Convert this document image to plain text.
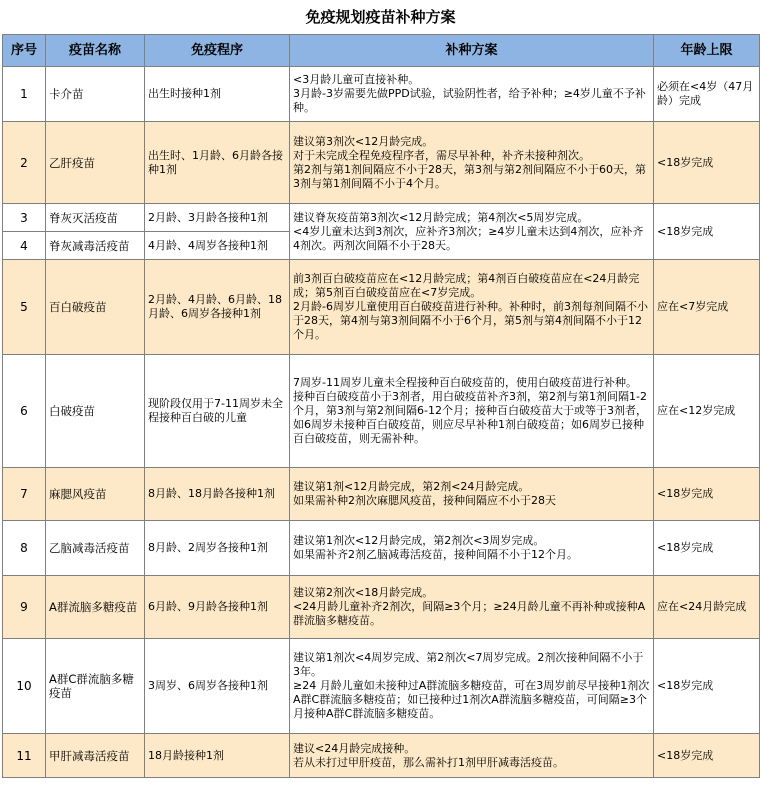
免疫规划疫苗补种方案
序号	疫苗名称	免疫程序	补种方案	年龄上限
1	卡介苗	出生时接种1剂	<3月龄儿童可直接补种。
3月龄-3岁需要先做PPD试验，试验阴性者，给予补种；≥4岁儿童不予补种。	必须在<4岁（47月龄）完成
2	乙肝疫苗	出生时、1月龄、6月龄各接种1剂	建议第3剂次<12月龄完成。
对于未完成全程免疫程序者，需尽早补种，补齐未接种剂次。
第2剂与第1剂间隔应不小于28天，第3剂与第2剂间隔应不小于60天，第3剂与第1剂间隔不小于4个月。	<18岁完成
3	脊灰灭活疫苗	2月龄、3月龄各接种1剂	建议脊灰疫苗第3剂次<12月龄完成；第4剂次<5周岁完成。
<4岁儿童未达到3剂次，应补齐3剂次；≥4岁儿童未达到4剂次，应补齐4剂次。两剂次间隔不小于28天。	<18岁完成
4	脊灰减毒活疫苗	4月龄、4周岁各接种1剂		
5	百白破疫苗	2月龄、4月龄、6月龄、18月龄、6周岁各接种1剂	前3剂百白破疫苗应在<12月龄完成；第4剂百白破疫苗应在<24月龄完成；第5剂百白破疫苗应在<7岁完成。
2月龄-6周岁儿童使用百白破疫苗进行补种。补种时，前3剂每剂间隔不小于28天，第4剂与第3剂间隔不小于6个月，第5剂与第4剂间隔不小于12个月。	应在<7岁完成
6	白破疫苗	现阶段仅用于7-11周岁未全程接种百白破的儿童	7周岁-11周岁儿童未全程接种百白破疫苗的，使用白破疫苗进行补种。
接种百白破疫苗小于3剂者，用白破疫苗补齐3剂，第2剂与第1剂间隔1-2个月，第3剂与第2剂间隔6-12个月；接种百白破疫苗大于或等于3剂者，如6周岁未接种百白破疫苗，则应尽早补种1剂白破疫苗；如6周岁已接种百白破疫苗，则无需补种。	应在<12岁完成
7	麻腮风疫苗	8月龄、18月龄各接种1剂	建议第1剂<12月龄完成，第2剂<24月龄完成。
如果需补种2剂次麻腮风疫苗，接种间隔应不小于28天	<18岁完成
8	乙脑减毒活疫苗	8月龄、2周岁各接种1剂	建议第1剂次<12月龄完成，第2剂次<3周岁完成。
如果需补齐2剂乙脑减毒活疫苗，接种间隔不小于12个月。	<18岁完成
9	A群流脑多糖疫苗	6月龄、9月龄各接种1剂	建议第2剂次<18月龄完成。
<24月龄儿童补齐2剂次，间隔≥3个月；≥24月龄儿童不再补种或接种A群流脑多糖疫苗。	应在<24月龄完成
10	A群C群流脑多糖疫苗	3周岁、6周岁各接种1剂	建议第1剂次<4周岁完成、第2剂次<7周岁完成。2剂次接种间隔不小于3年。
≥24 月龄儿童如未接种过A群流脑多糖疫苗，可在3周岁前尽早接种1剂次A群C群流脑多糖疫苗；如已接种过1剂次A群流脑多糖疫苗，可间隔≥3个月接种A群C群流脑多糖疫苗。	<18岁完成
11	甲肝减毒活疫苗	18月龄接种1剂	建议<24月龄完成接种。
若从未打过甲肝疫苗，那么需补打1剂甲肝减毒活疫苗。	<18岁完成
